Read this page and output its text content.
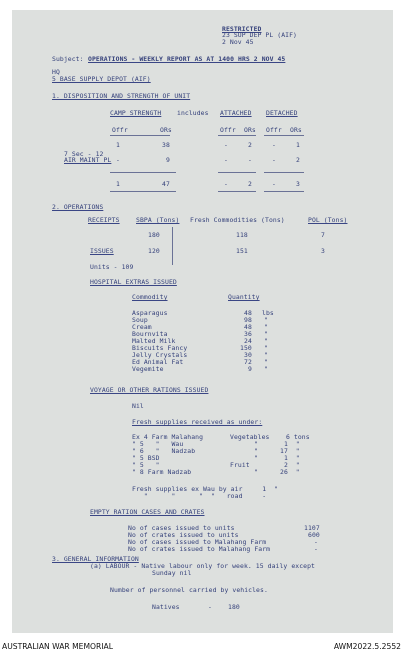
RESTRICTED
23 SUP DEP PL (AIF)
2 Nov 45
Subject: OPERATIONS - WEEKLY REPORT AS AT 1400 HRS 2 NOV 45
HQ
5 BASE SUPPLY DEPOT (AIF)
1. DISPOSITION AND STRENGTH OF UNIT
CAMP STRENGTH includes ATTACHED DETACHED
Offr	ORs	Offr ORs Offr ORs
1	38	-	2	-	1
7 Sec - 12
AIR MAINT PL -	9	-	-	-	2
1	47	-	2	-	3
2. OPERATIONS
RECEIPTS	SBPA (Tons) Fresh Commodities (Tons)	POL (Tons)
180	118	7
ISSUES	120	151	3
Units - 109
HOSPITAL EXTRAS ISSUED
Commodity	Quantity
Asparagus	48 lbs
Soup	98 "
Cream	48 "
Bournvita	36 "
Malted Milk	24 "
Biscuits Fancy	150 "
Jelly Crystals	30 "
Ed Animal Fat	72 "
Vegemite	9 "
VOYAGE OR OTHER RATIONS ISSUED
Nil
Fresh supplies received as under:
Ex 4 Farm Malahang	Vegetables	6 tons
" 5   "   Wau	"	1  "
" 6   "   Nadzab	"	17  "
" 5 BSD	"	1  "
" 5   "	Fruit	2  "
" 8 Farm Nadzab	"	26  "
Fresh supplies ex Wau by air     1  "
"      "      "  "   road     -
EMPTY RATION CASES AND CRATES
No of cases issued to units	1107
No of crates issued to units	600
No of cases issued to Malahang Farm	-
No of crates issued to Malahang Farm	-
3. GENERAL INFORMATION
(a) LABOUR - Native labour only for week. 15 daily except
Sunday nil
Number of personnel carried by vehicles.
Natives	-	180
AUSTRALIAN WAR MEMORIAL	AWM2022.5.2552
